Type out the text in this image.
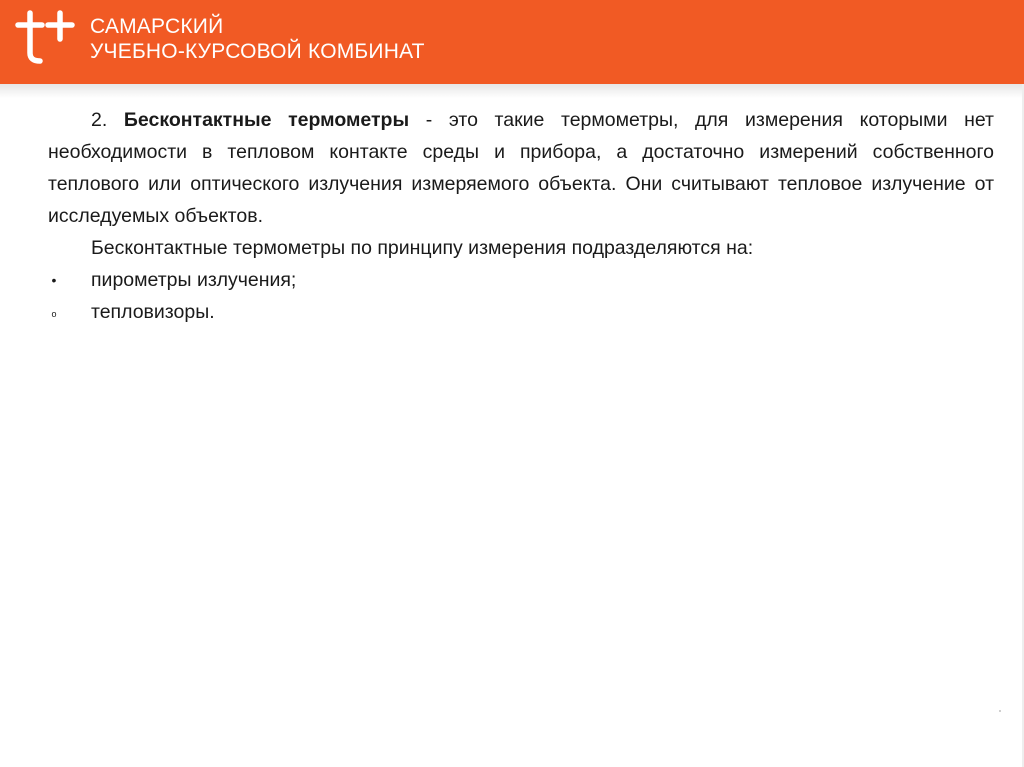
САМАРСКИЙ
УЧЕБНО-КУРСОВОЙ КОМБИНАТ

2. Бесконтактные термометры - это такие термометры, для измерения которыми нет необходимости в тепловом контакте среды и прибора, а достаточно измерений собственного теплового или оптического излучения измеряемого объекта. Они считывают тепловое излучение от исследуемых объектов.

Бесконтактные термометры по принципу измерения подразделяются на:

• пирометры излучения;
o тепловизоры.
